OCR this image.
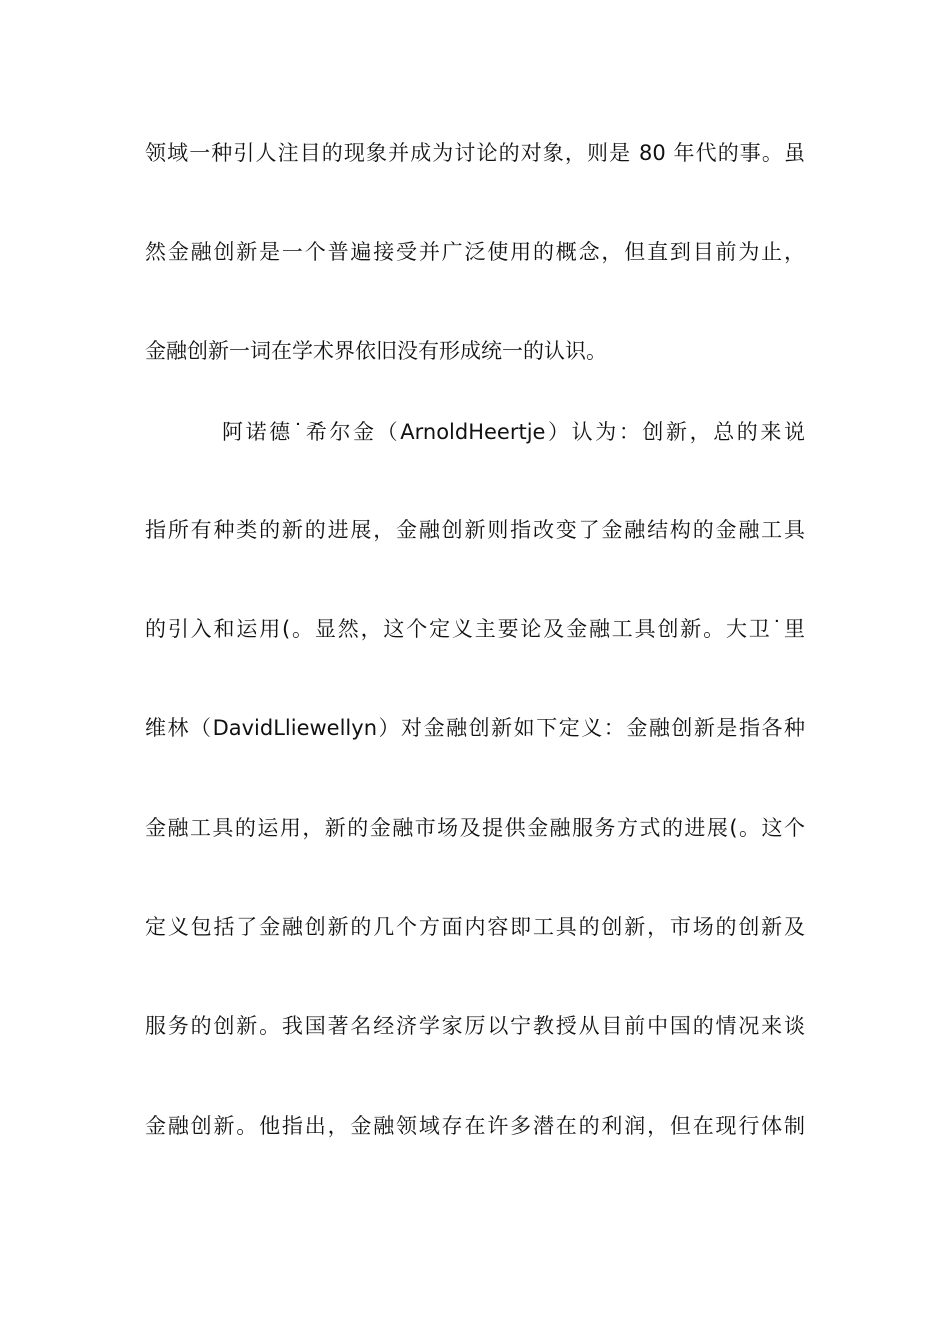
领域一种引人注目的现象并成为讨论的对象，则是 80 年代的事。虽
然金融创新是一个普遍接受并广泛使用的概念，但直到目前为止，
金融创新一词在学术界依旧没有形成统一的认识。
阿诺德˙希尔金（ArnoldHeertje）认为：创新，总的来说
指所有种类的新的进展，金融创新则指改变了金融结构的金融工具
的引入和运用(。显然，这个定义主要论及金融工具创新。大卫˙里
维林（DavidLliewellyn）对金融创新如下定义：金融创新是指各种
金融工具的运用，新的金融市场及提供金融服务方式的进展(。这个
定义包括了金融创新的几个方面内容即工具的创新，市场的创新及
服务的创新。我国著名经济学家厉以宁教授从目前中国的情况来谈
金融创新。他指出，金融领域存在许多潜在的利润，但在现行体制
